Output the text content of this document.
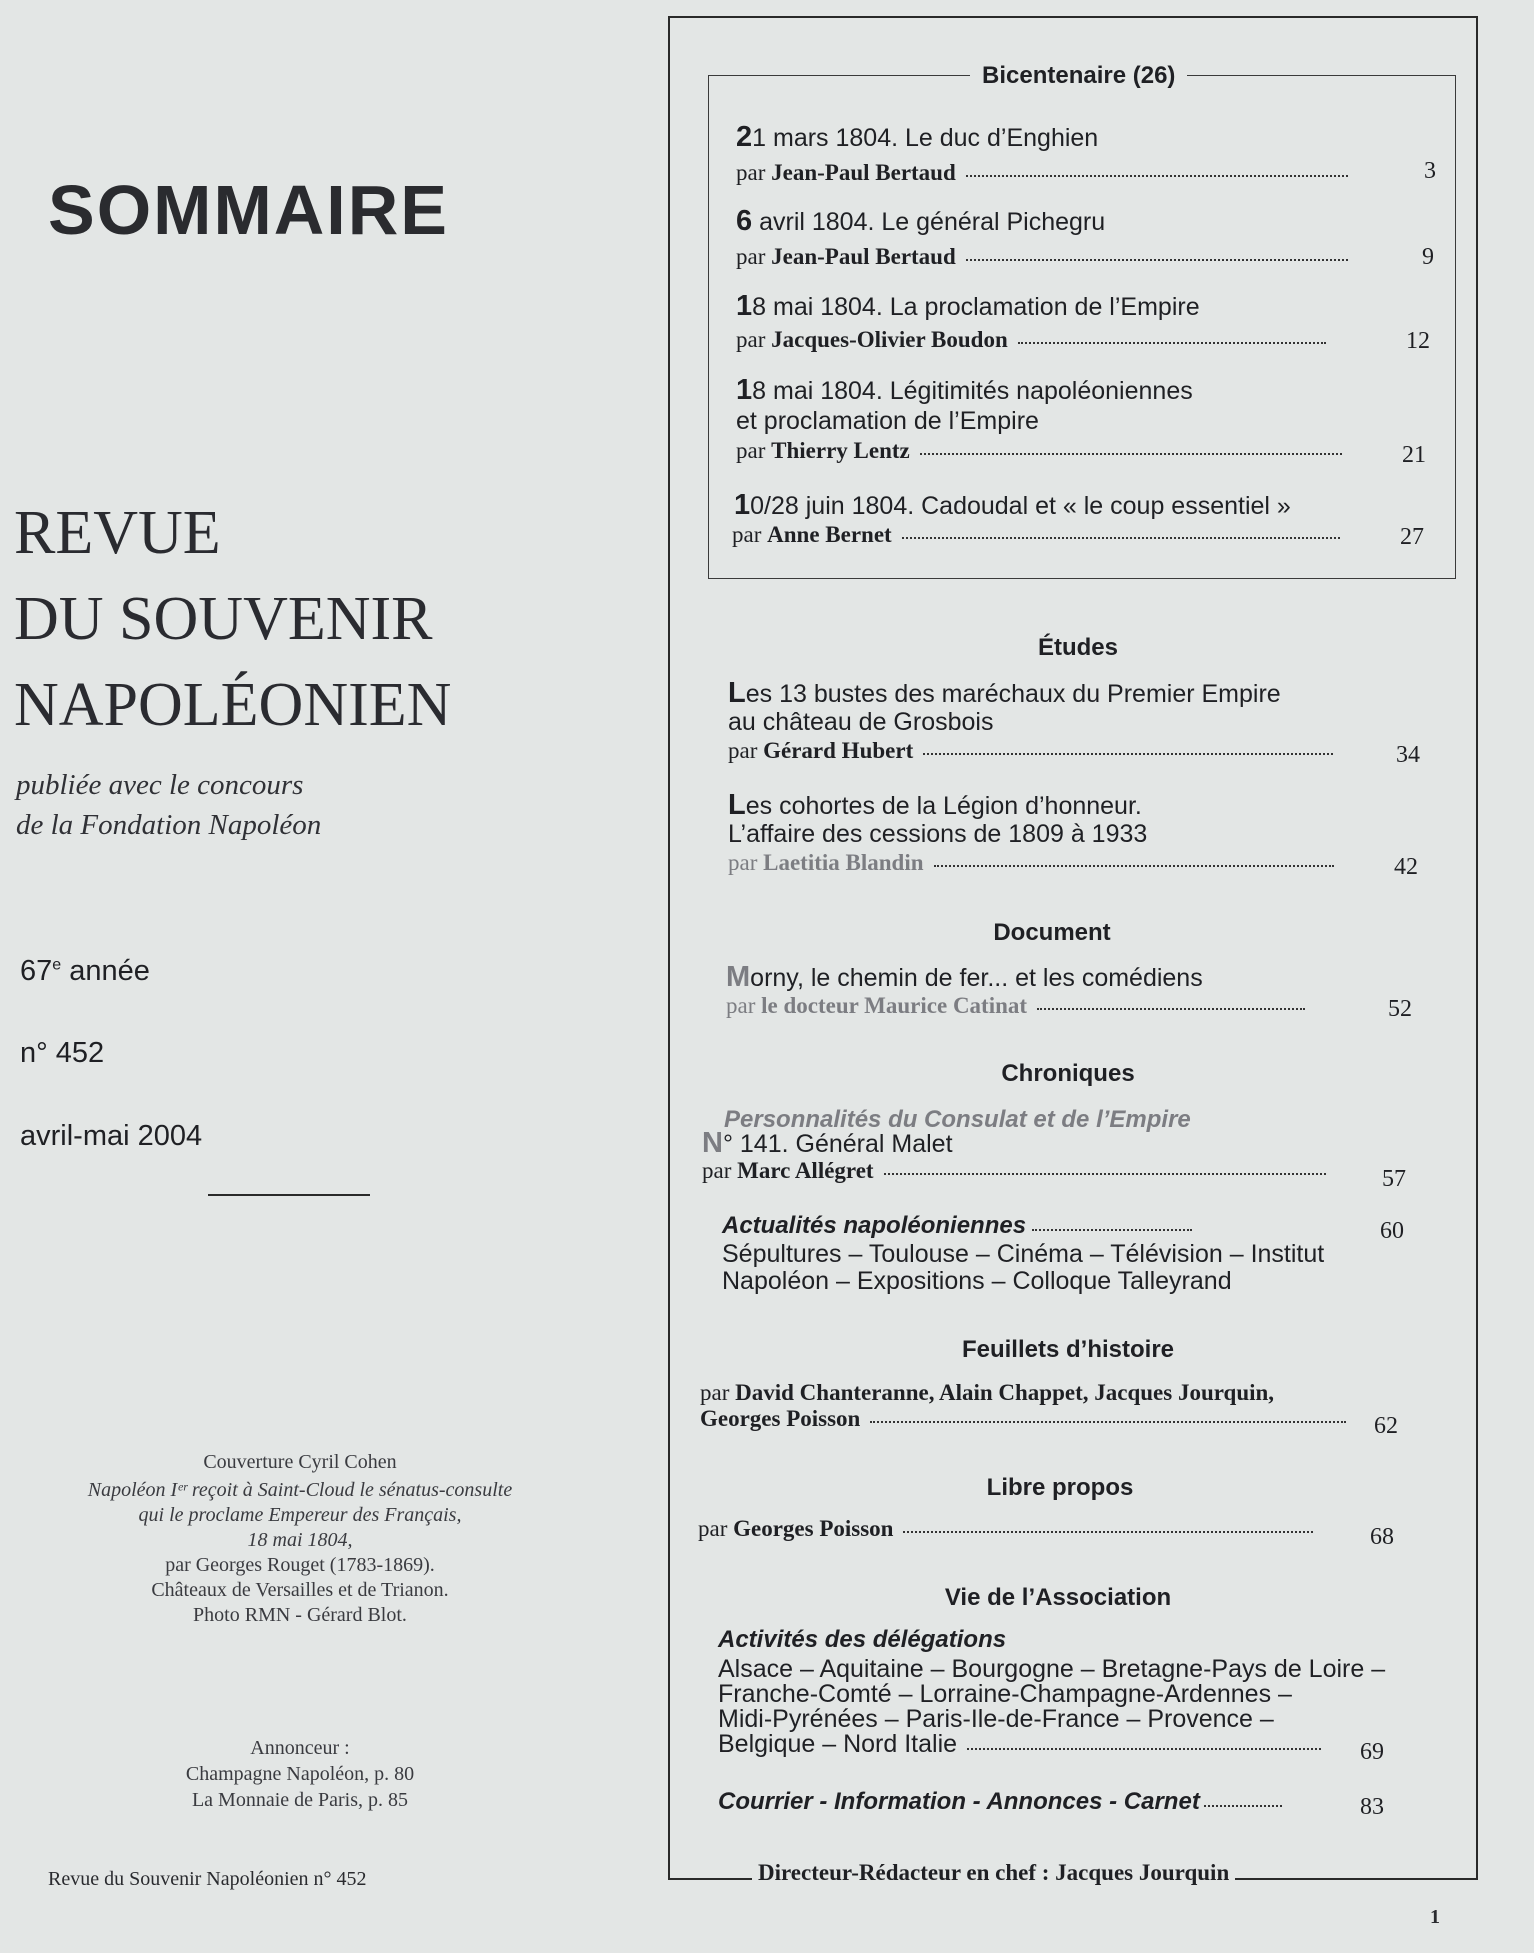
SOMMAIRE
REVUE
DU SOUVENIR
NAPOLÉONIEN
publiée avec le concours
de la Fondation Napoléon
67e année
n° 452
avril-mai 2004
Couverture Cyril Cohen
Napoléon Iᵉʳ reçoit à Saint-Cloud le sénatus-consulte
qui le proclame Empereur des Français,
18 mai 1804,
par Georges Rouget (1783-1869).
Châteaux de Versailles et de Trianon.
Photo RMN - Gérard Blot.
Annonceur :
Champagne Napoléon, p. 80
La Monnaie de Paris, p. 85
Revue du Souvenir Napoléonien n° 452
1
Directeur-Rédacteur en chef : Jacques Jourquin
Bicentenaire (26)
21 mars 1804. Le duc d’Enghien
par Jean-Paul Bertaud	3
6 avril 1804. Le général Pichegru
par Jean-Paul Bertaud	9
18 mai 1804. La proclamation de l’Empire
par Jacques-Olivier Boudon	12
18 mai 1804. Légitimités napoléoniennes
et proclamation de l’Empire
par Thierry Lentz	21
10/28 juin 1804. Cadoudal et « le coup essentiel »
par Anne Bernet	27
Études
Les 13 bustes des maréchaux du Premier Empire
au château de Grosbois
par Gérard Hubert	34
Les cohortes de la Légion d’honneur.
L’affaire des cessions de 1809 à 1933
par Laetitia Blandin	42
Document
Morny, le chemin de fer... et les comédiens
par le docteur Maurice Catinat	52
Chroniques
Personnalités du Consulat et de l’Empire
N° 141. Général Malet
par Marc Allégret	57
Actualités napoléoniennes	60
Sépultures – Toulouse – Cinéma – Télévision – Institut
Napoléon – Expositions – Colloque Talleyrand
Feuillets d’histoire
par David Chanteranne, Alain Chappet, Jacques Jourquin,
Georges Poisson	62
Libre propos
par Georges Poisson	68
Vie de l’Association
Activités des délégations
Alsace – Aquitaine – Bourgogne – Bretagne-Pays de Loire –
Franche-Comté – Lorraine-Champagne-Ardennes –
Midi-Pyrénées – Paris-Ile-de-France – Provence –
Belgique – Nord Italie	69
Courrier - Information - Annonces - Carnet	83
